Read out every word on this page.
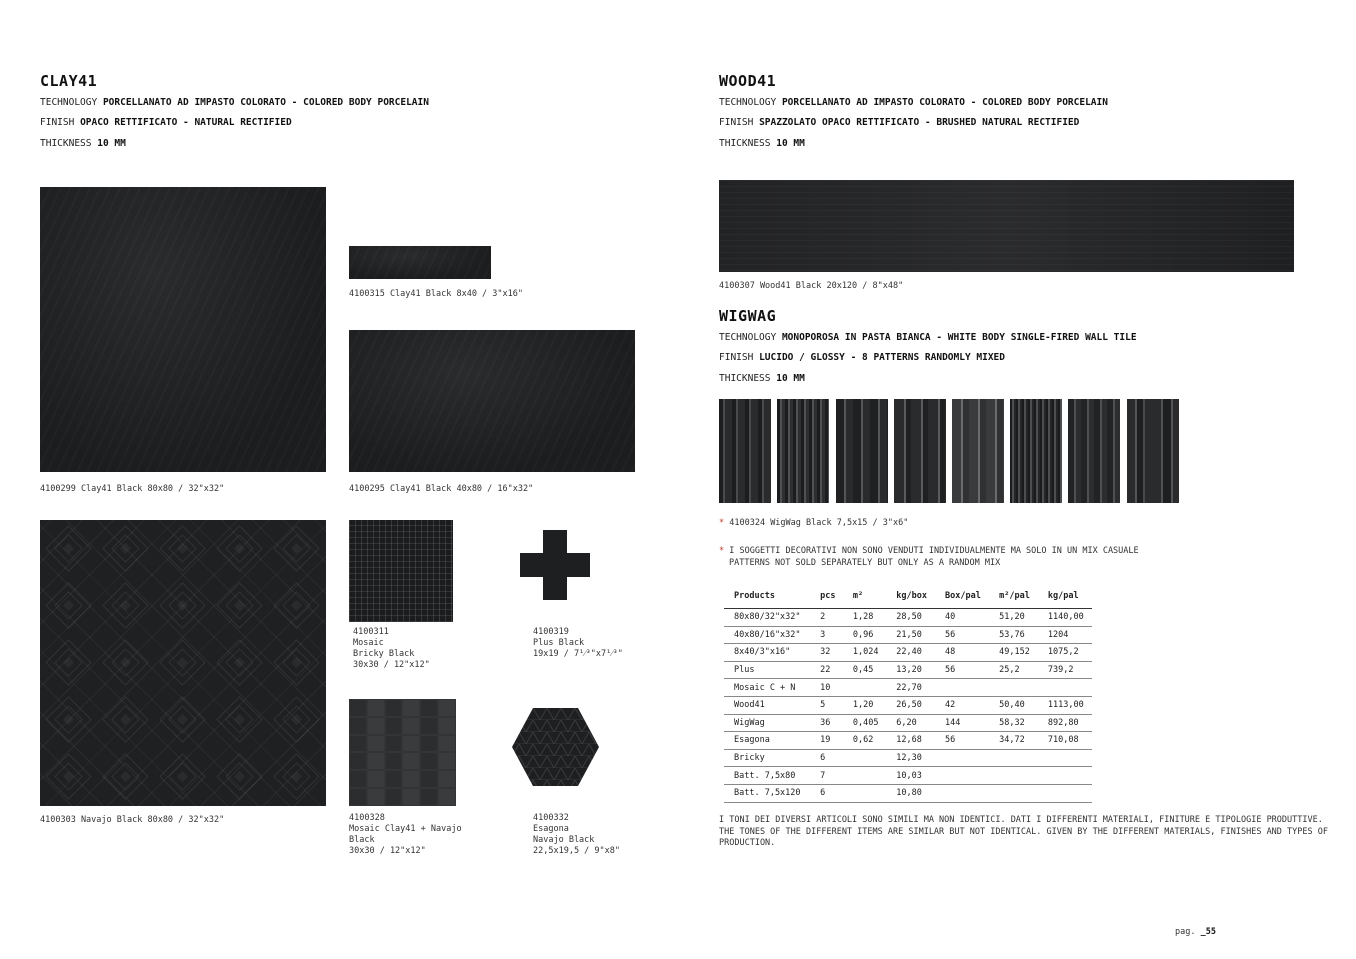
CLAY41
TECHNOLOGY PORCELLANATO AD IMPASTO COLORATO - COLORED BODY PORCELAIN
FINISH OPACO RETTIFICATO - NATURAL RECTIFIED
THICKNESS 10 MM
4100299 Clay41 Black 80x80 / 32"x32"
4100315 Clay41 Black 8x40 / 3"x16"
4100295 Clay41 Black 40x80 / 16"x32"
4100303 Navajo Black 80x80 / 32"x32"
4100311
Mosaic
Bricky Black
30x30 / 12"x12"
4100319
Plus Black
19x19 / 7¹⁄³"x7¹⁄³"
4100328
Mosaic Clay41 + Navajo
Black
30x30 / 12"x12"
4100332
Esagona
Navajo Black
22,5x19,5 / 9"x8"
WOOD41
TECHNOLOGY PORCELLANATO AD IMPASTO COLORATO - COLORED BODY PORCELAIN
FINISH SPAZZOLATO OPACO RETTIFICATO - BRUSHED NATURAL RECTIFIED
THICKNESS 10 MM
4100307 Wood41 Black 20x120 / 8"x48"
WIGWAG
TECHNOLOGY MONOPOROSA IN PASTA BIANCA - WHITE BODY SINGLE-FIRED WALL TILE
FINISH LUCIDO / GLOSSY - 8 PATTERNS RANDOMLY MIXED
THICKNESS 10 MM
* 4100324 WigWag Black 7,5x15 / 3"x6"
* I SOGGETTI DECORATIVI NON SONO VENDUTI INDIVIDUALMENTE MA SOLO IN UN MIX CASUALE
PATTERNS NOT SOLD SEPARATELY BUT ONLY AS A RANDOM MIX
Products	pcs	m²	kg/box	Box/pal	m²/pal	kg/pal
80x80/32"x32"	2	1,28	28,50	40	51,20	1140,00
40x80/16"x32"	3	0,96	21,50	56	53,76	1204
8x40/3"x16"	32	1,024	22,40	48	49,152	1075,2
Plus	22	0,45	13,20	56	25,2	739,2
Mosaic C + N	10		22,70			
Wood41	5	1,20	26,50	42	50,40	1113,00
WigWag	36	0,405	6,20	144	58,32	892,80
Esagona	19	0,62	12,68	56	34,72	710,08
Bricky	6		12,30			
Batt. 7,5x80	7		10,03			
Batt. 7,5x120	6		10,80			
I TONI DEI DIVERSI ARTICOLI SONO SIMILI MA NON IDENTICI. DATI I DIFFERENTI MATERIALI, FINITURE E TIPOLOGIE PRODUTTIVE.
THE TONES OF THE DIFFERENT ITEMS ARE SIMILAR BUT NOT IDENTICAL. GIVEN BY THE DIFFERENT MATERIALS, FINISHES AND TYPES OF
PRODUCTION.
pag. _55
